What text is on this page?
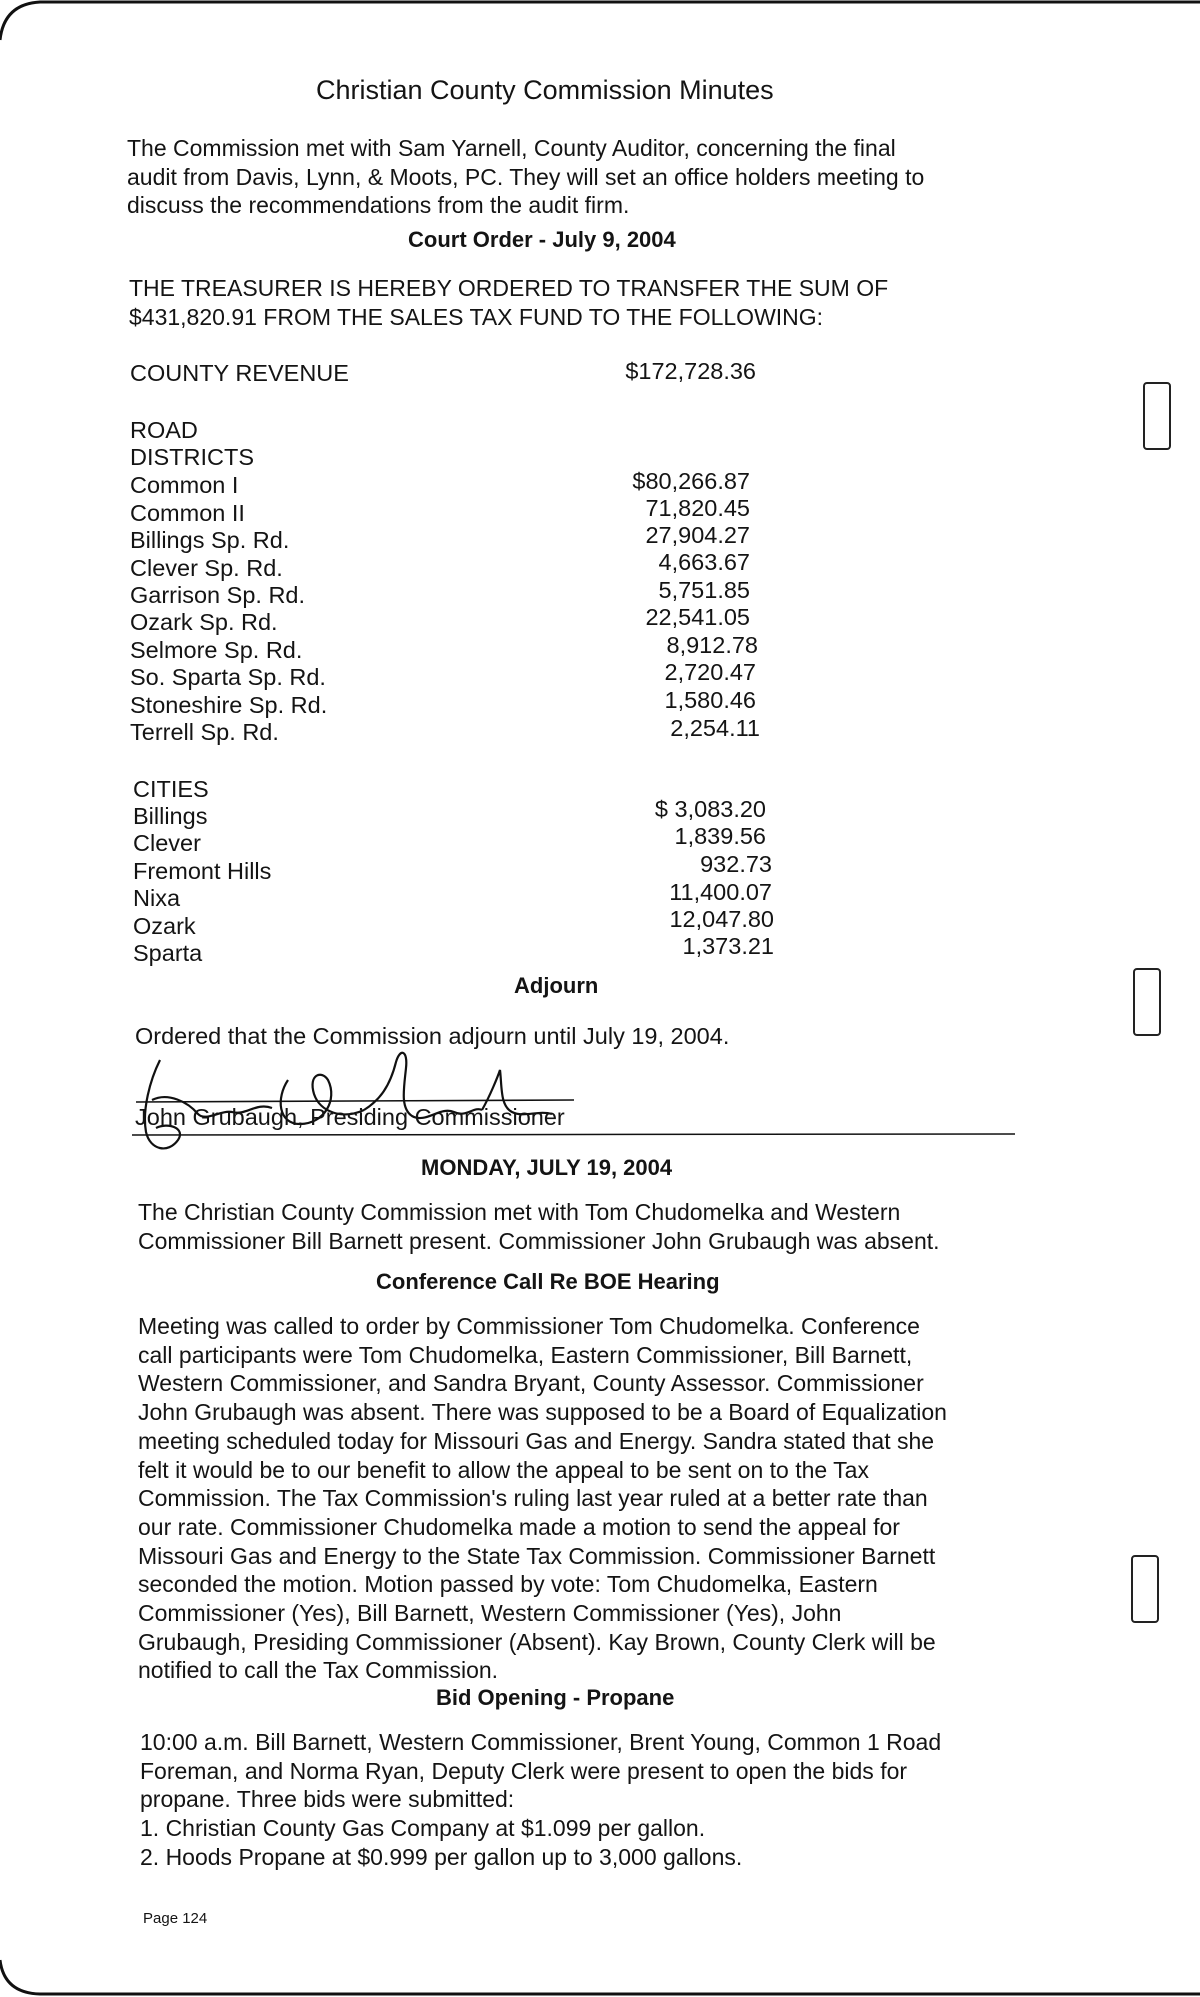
Christian County Commission Minutes
The Commission met with Sam Yarnell, County Auditor, concerning the final
audit from Davis, Lynn, & Moots, PC. They will set an office holders meeting to
discuss the recommendations from the audit firm.
Court Order - July 9, 2004
THE TREASURER IS HEREBY ORDERED TO TRANSFER THE SUM OF
$431,820.91 FROM THE SALES TAX FUND TO THE FOLLOWING:
COUNTY REVENUE	$172,728.36
ROAD
DISTRICTS
Common I	$80,266.87
Common II	71,820.45
Billings Sp. Rd.	27,904.27
Clever Sp. Rd.	4,663.67
Garrison Sp. Rd.	5,751.85
Ozark Sp. Rd.	22,541.05
Selmore Sp. Rd.	8,912.78
So. Sparta Sp. Rd.	2,720.47
Stoneshire Sp. Rd.	1,580.46
Terrell Sp. Rd.	2,254.11
CITIES
Billings	$ 3,083.20
Clever	1,839.56
Fremont Hills	932.73
Nixa	11,400.07
Ozark	12,047.80
Sparta	1,373.21
Adjourn
Ordered that the Commission adjourn until July 19, 2004.
John Grubaugh, Presiding Commissioner
MONDAY, JULY 19, 2004
The Christian County Commission met with Tom Chudomelka and Western
Commissioner Bill Barnett present. Commissioner John Grubaugh was absent.
Conference Call Re BOE Hearing
Meeting was called to order by Commissioner Tom Chudomelka. Conference
call participants were Tom Chudomelka, Eastern Commissioner, Bill Barnett,
Western Commissioner, and Sandra Bryant, County Assessor. Commissioner
John Grubaugh was absent. There was supposed to be a Board of Equalization
meeting scheduled today for Missouri Gas and Energy. Sandra stated that she
felt it would be to our benefit to allow the appeal to be sent on to the Tax
Commission. The Tax Commission's ruling last year ruled at a better rate than
our rate. Commissioner Chudomelka made a motion to send the appeal for
Missouri Gas and Energy to the State Tax Commission. Commissioner Barnett
seconded the motion. Motion passed by vote: Tom Chudomelka, Eastern
Commissioner (Yes), Bill Barnett, Western Commissioner (Yes), John
Grubaugh, Presiding Commissioner (Absent). Kay Brown, County Clerk will be
notified to call the Tax Commission.
Bid Opening - Propane
10:00 a.m. Bill Barnett, Western Commissioner, Brent Young, Common 1 Road
Foreman, and Norma Ryan, Deputy Clerk were present to open the bids for
propane. Three bids were submitted:
1. Christian County Gas Company at $1.099 per gallon.
2. Hoods Propane at $0.999 per gallon up to 3,000 gallons.
Page 124
